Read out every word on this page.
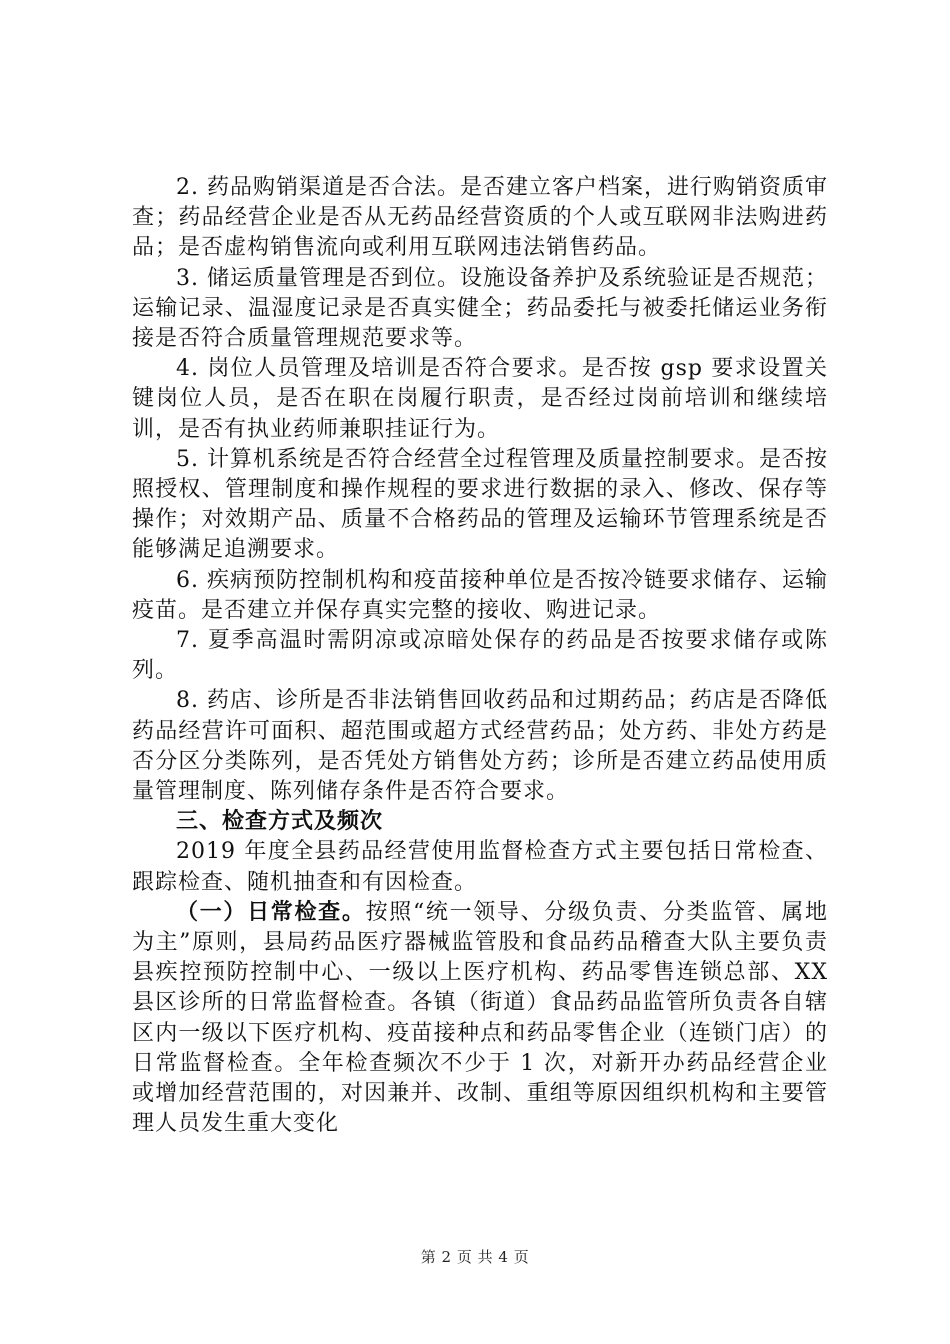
2. 药品购销渠道是否合法。是否建立客户档案，进行购销资质审查；药品经营企业是否从无药品经营资质的个人或互联网非法购进药品；是否虚构销售流向或利用互联网违法销售药品。

3. 储运质量管理是否到位。设施设备养护及系统验证是否规范；运输记录、温湿度记录是否真实健全；药品委托与被委托储运业务衔接是否符合质量管理规范要求等。

4. 岗位人员管理及培训是否符合要求。是否按 gsp 要求设置关键岗位人员，是否在职在岗履行职责，是否经过岗前培训和继续培训，是否有执业药师兼职挂证行为。

5. 计算机系统是否符合经营全过程管理及质量控制要求。是否按照授权、管理制度和操作规程的要求进行数据的录入、修改、保存等操作；对效期产品、质量不合格药品的管理及运输环节管理系统是否能够满足追溯要求。

6. 疾病预防控制机构和疫苗接种单位是否按冷链要求储存、运输疫苗。是否建立并保存真实完整的接收、购进记录。

7. 夏季高温时需阴凉或凉暗处保存的药品是否按要求储存或陈列。

8. 药店、诊所是否非法销售回收药品和过期药品；药店是否降低药品经营许可面积、超范围或超方式经营药品；处方药、非处方药是否分区分类陈列，是否凭处方销售处方药；诊所是否建立药品使用质量管理制度、陈列储存条件是否符合要求。

三、检查方式及频次

2019 年度全县药品经营使用监督检查方式主要包括日常检查、跟踪检查、随机抽查和有因检查。

（一）日常检查。按照“统一领导、分级负责、分类监管、属地为主”原则，县局药品医疗器械监管股和食品药品稽查大队主要负责县疾控预防控制中心、一级以上医疗机构、药品零售连锁总部、XX 县区诊所的日常监督检查。各镇（街道）食品药品监管所负责各自辖区内一级以下医疗机构、疫苗接种点和药品零售企业（连锁门店）的日常监督检查。全年检查频次不少于 1 次，对新开办药品经营企业或增加经营范围的，对因兼并、改制、重组等原因组织机构和主要管理人员发生重大变化

第 2 页 共 4 页
